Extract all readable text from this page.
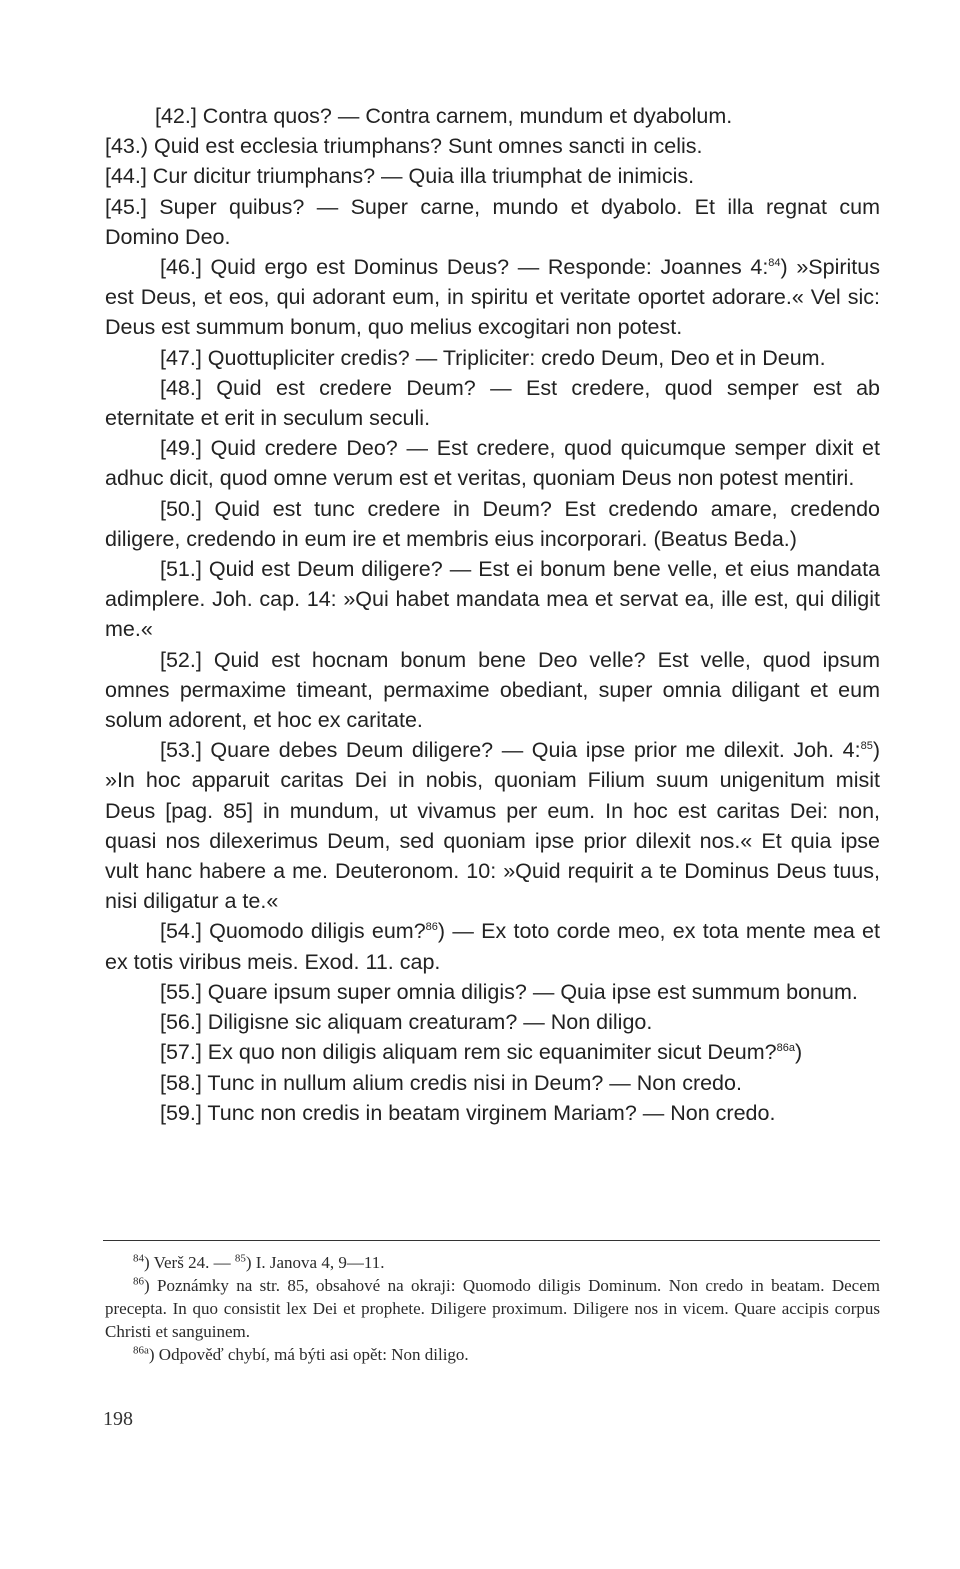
[42.] Contra quos? — Contra carnem, mundum et dyabolum.

[43.) Quid est ecclesia triumphans? Sunt omnes sancti in celis.

[44.] Cur dicitur triumphans? — Quia illa triumphat de inimicis.

[45.] Super quibus? — Super carne, mundo et dyabolo. Et illa regnat cum Domino Deo.

[46.] Quid ergo est Dominus Deus? — Responde: Joannes 4:$^{84}$) »Spiritus est Deus, et eos, qui adorant eum, in spiritu et veritate oportet adorare.« Vel sic: Deus est summum bonum, quo melius excogitari non potest.

[47.] Quottupliciter credis? — Tripliciter: credo Deum, Deo et in Deum.

[48.] Quid est credere Deum? — Est credere, quod semper est ab eternitate et erit in seculum seculi.

[49.] Quid credere Deo? — Est credere, quod quicumque semper dixit et adhuc dicit, quod omne verum est et veritas, quoniam Deus non potest mentiri.

[50.] Quid est tunc credere in Deum? Est credendo amare, credendo diligere, credendo in eum ire et membris eius incorporari. (Beatus Beda.)

[51.] Quid est Deum diligere? — Est ei bonum bene velle, et eius mandata adimplere. Joh. cap. 14: »Qui habet mandata mea et servat ea, ille est, qui diligit me.«

[52.] Quid est hocnam bonum bene Deo velle? Est velle, quod ipsum omnes permaxime timeant, permaxime obediant, super omnia diligant et eum solum adorent, et hoc ex caritate.

[53.] Quare debes Deum diligere? — Quia ipse prior me dilexit. Joh. 4:$^{85}$) »In hoc apparuit caritas Dei in nobis, quoniam Filium suum unigenitum misit Deus [pag. 85] in mundum, ut vivamus per eum. In hoc est caritas Dei: non, quasi nos dilexerimus Deum, sed quoniam ipse prior dilexit nos.« Et quia ipse vult hanc habere a me. Deuteronom. 10: »Quid requirit a te Dominus Deus tuus, nisi diligatur a te.«

[54.] Quomodo diligis eum?$^{86}$) — Ex toto corde meo, ex tota mente mea et ex totis viribus meis. Exod. 11. cap.

[55.] Quare ipsum super omnia diligis? — Quia ipse est summum bonum.

[56.] Diligisne sic aliquam creaturam? — Non diligo.

[57.] Ex quo non diligis aliquam rem sic equanimiter sicut Deum?$^{86a}$)

[58.] Tunc in nullum alium credis nisi in Deum? — Non credo.

[59.] Tunc non credis in beatam virginem Mariam? — Non credo.

$^{84}$) Verš 24. — $^{85}$) I. Janova 4, 9—11.

$^{86}$) Poznámky na str. 85, obsahové na okraji: Quomodo diligis Dominum. Non credo in beatam. Decem precepta. In quo consistit lex Dei et prophete. Diligere proximum. Diligere nos in vicem. Quare accipis corpus Christi et sanguinem.

$^{86a}$) Odpověď chybí, má býti asi opět: Non diligo.

198
